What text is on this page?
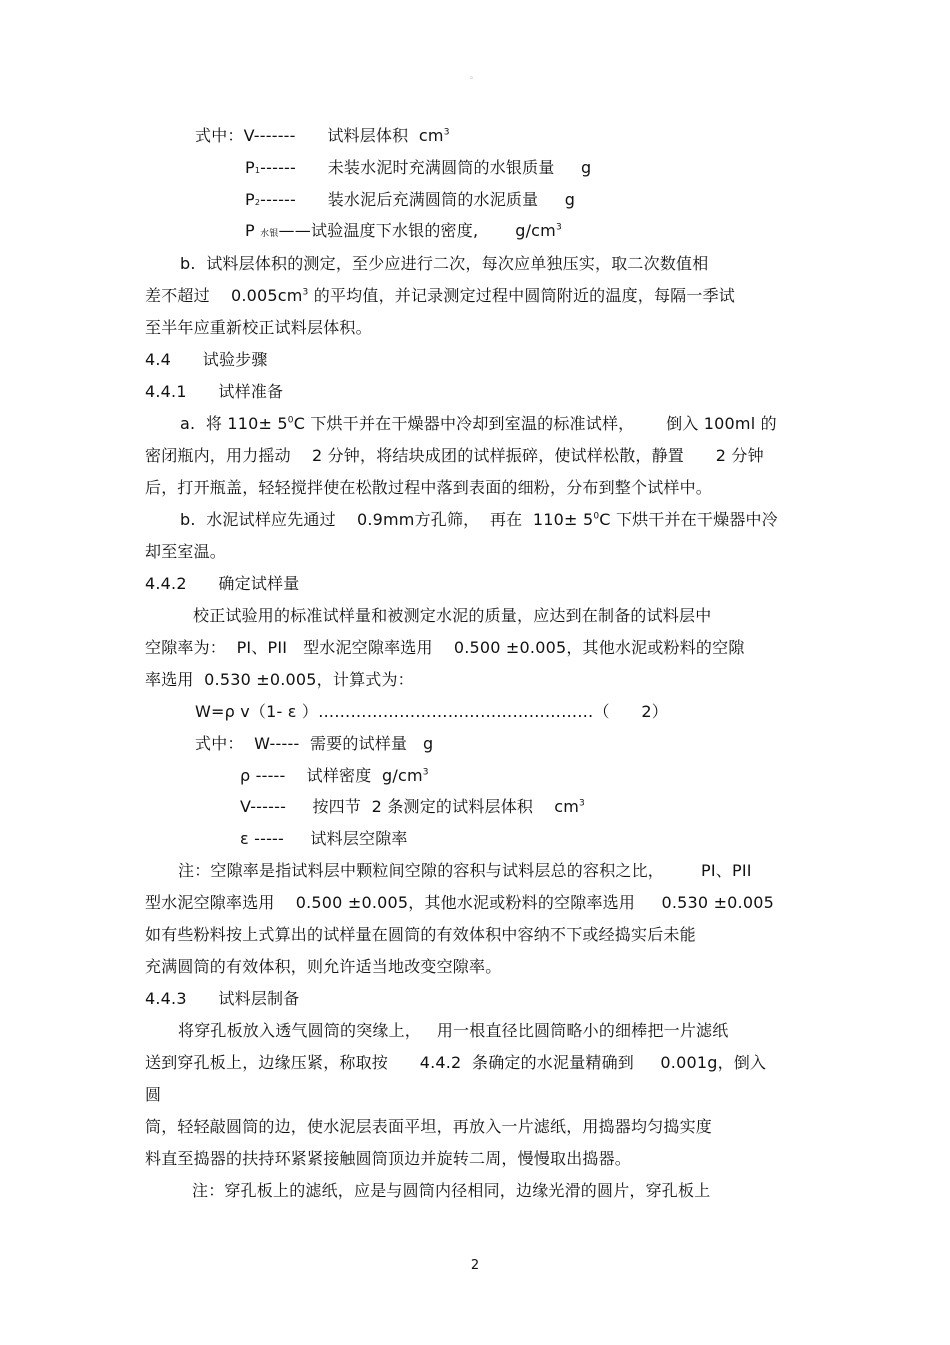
。
式中：V-------      试料层体积  $cm^3$
P1------      未装水泥时充满圆筒的水银质量     g
P2------      装水泥后充满圆筒的水泥质量     g
P 水银——试验温度下水银的密度,       $g/cm^3$
b.  试料层体积的测定，至少应进行二次，每次应单独压实，取二次数值相
差不超过    $0.005cm^3$ 的平均值，并记录测定过程中圆筒附近的温度，每隔一季试
至半年应重新校正试料层体积。
4.4      试验步骤
4.4.1      试样准备
a.  将 $110\pm 5^0C$ 下烘干并在干燥器中冷却到室温的标准试样，      倒入 100ml 的
密闭瓶内，用力摇动    2 分钟，将结块成团的试样振碎，使试样松散，静置      2 分钟
后，打开瓶盖，轻轻搅拌使在松散过程中落到表面的细粉，分布到整个试样中。
b.  水泥试样应先通过    0.9mm方孔筛，  再在  $110\pm 5^0C$ 下烘干并在干燥器中冷
却至室温。
4.4.2      确定试样量
校正试验用的标准试样量和被测定水泥的质量，应达到在制备的试料层中
空隙率为：  PI、PII   型水泥空隙率选用    0.500 ±0.005，其他水泥或粉料的空隙
率选用  0.530 ±0.005，计算式为：
W=ρ v（1- ε ）……………………………………………（      2）
式中：  W-----  需要的试样量   g
ρ -----    试样密度  $g/cm^3$
V------     按四节  2 条测定的试料层体积    $cm^3$
ε -----     试料层空隙率
注：空隙率是指试料层中颗粒间空隙的容积与试料层总的容积之比，       PI、PII
型水泥空隙率选用    0.500 ±0.005，其他水泥或粉料的空隙率选用     0.530 ±0.005
如有些粉料按上式算出的试样量在圆筒的有效体积中容纳不下或经捣实后未能
充满圆筒的有效体积，则允许适当地改变空隙率。
4.4.3      试料层制备
将穿孔板放入透气圆筒的突缘上，   用一根直径比圆筒略小的细棒把一片滤纸
送到穿孔板上，边缘压紧，称取按      4.4.2  条确定的水泥量精确到     0.001g，倒入
圆
筒，轻轻敲圆筒的边，使水泥层表面平坦，再放入一片滤纸，用捣器均匀捣实度
料直至捣器的扶持环紧紧接触圆筒顶边并旋转二周，慢慢取出捣器。
注：穿孔板上的滤纸，应是与圆筒内径相同，边缘光滑的圆片，穿孔板上
2
